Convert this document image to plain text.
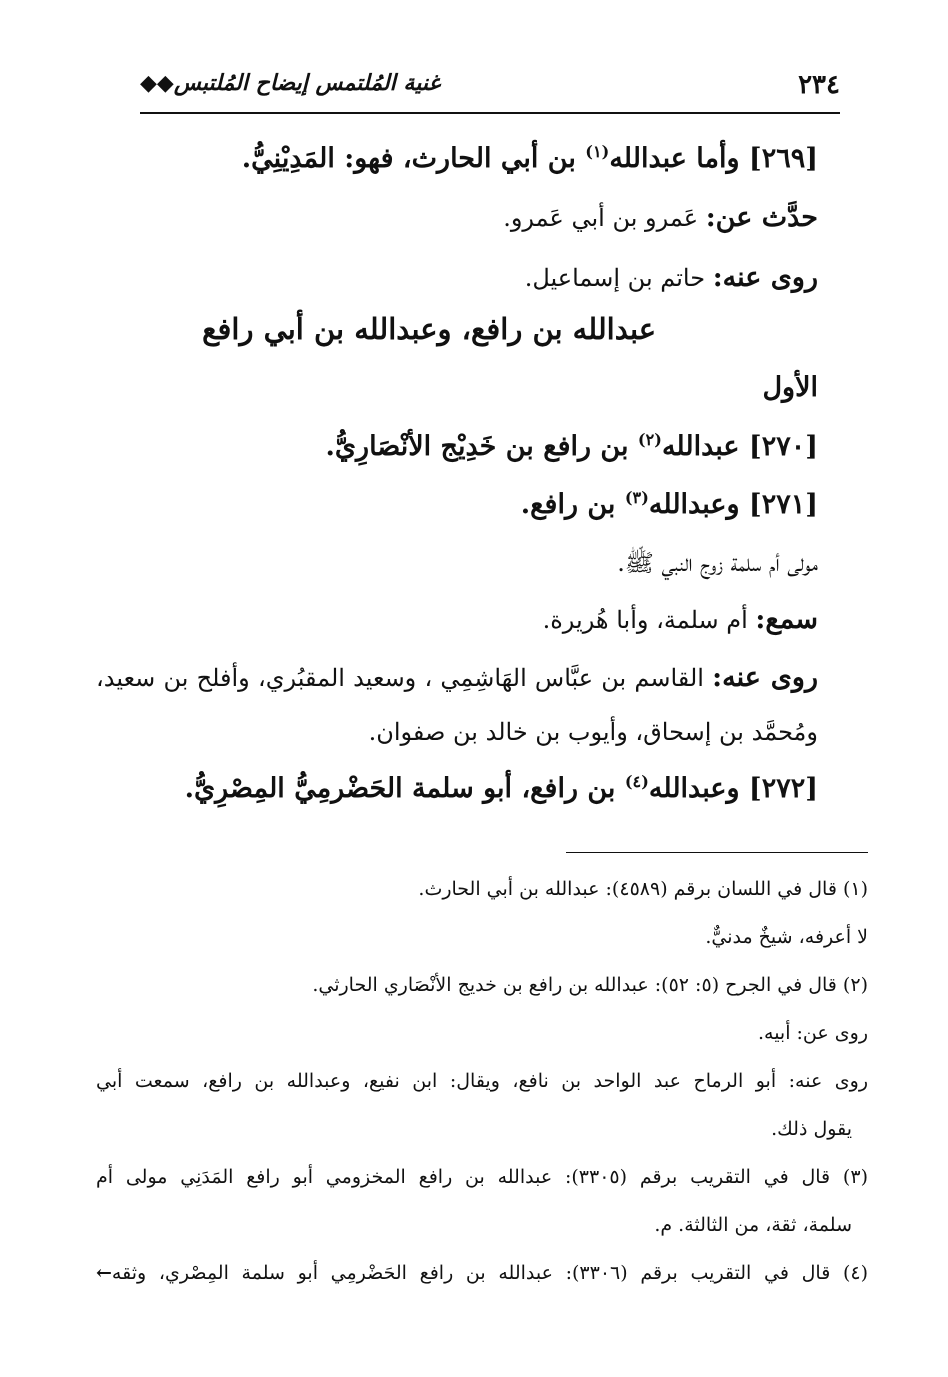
٢٣٤
غنية المُلتمس إيضاح المُلتبس◆◆
[٢٦٩] وأما عبدالله$^{(١)}$ بن أبي الحارث، فهو: المَدِيْنِيُّ.
حدَّث عن: عَمرو بن أبي عَمرو.
روى عنه: حاتم بن إسماعيل.
عبدالله بن رافع، وعبدالله بن أبي رافع
الأول
[٢٧٠] عبدالله$^{(٢)}$ بن رافع بن خَدِيْج الأنْصَارِيُّ.
[٢٧١] وعبدالله$^{(٣)}$ بن رافع.
مولى أم سلمة زوج النبي ﷺ.
سمع: أم سلمة، وأبا هُريرة.
روى عنه: القاسم بن عبَّاس الهَاشِمِي ، وسعيد المقبُري، وأفلح بن سعيد،
ومُحمَّد بن إسحاق، وأيوب بن خالد بن صفوان.
[٢٧٢] وعبدالله$^{(٤)}$ بن رافع، أبو سلمة الحَضْرمِيُّ المِصْرِيُّ.
(١) قال في اللسان برقم (٤٥٨٩): عبدالله بن أبي الحارث.
لا أعرفه، شيخٌ مدنيٌّ.
(٢) قال في الجرح (٥: ٥٢): عبدالله بن رافع بن خديج الأنْصَاري الحارثي.
روى عن: أبيه.
روى عنه: أبو الرماح عبد الواحد بن نافع، ويقال: ابن نفيع، وعبدالله بن رافع، سمعت أبي
يقول ذلك.
(٣) قال في التقريب برقم (٣٣٠٥): عبدالله بن رافع المخزومي أبو رافع المَدَنِي مولى أم
سلمة، ثقة، من الثالثة. م.
(٤) قال في التقريب برقم (٣٣٠٦): عبدالله بن رافع الحَضْرمِي أبو سلمة المِصْري، وثقه←
